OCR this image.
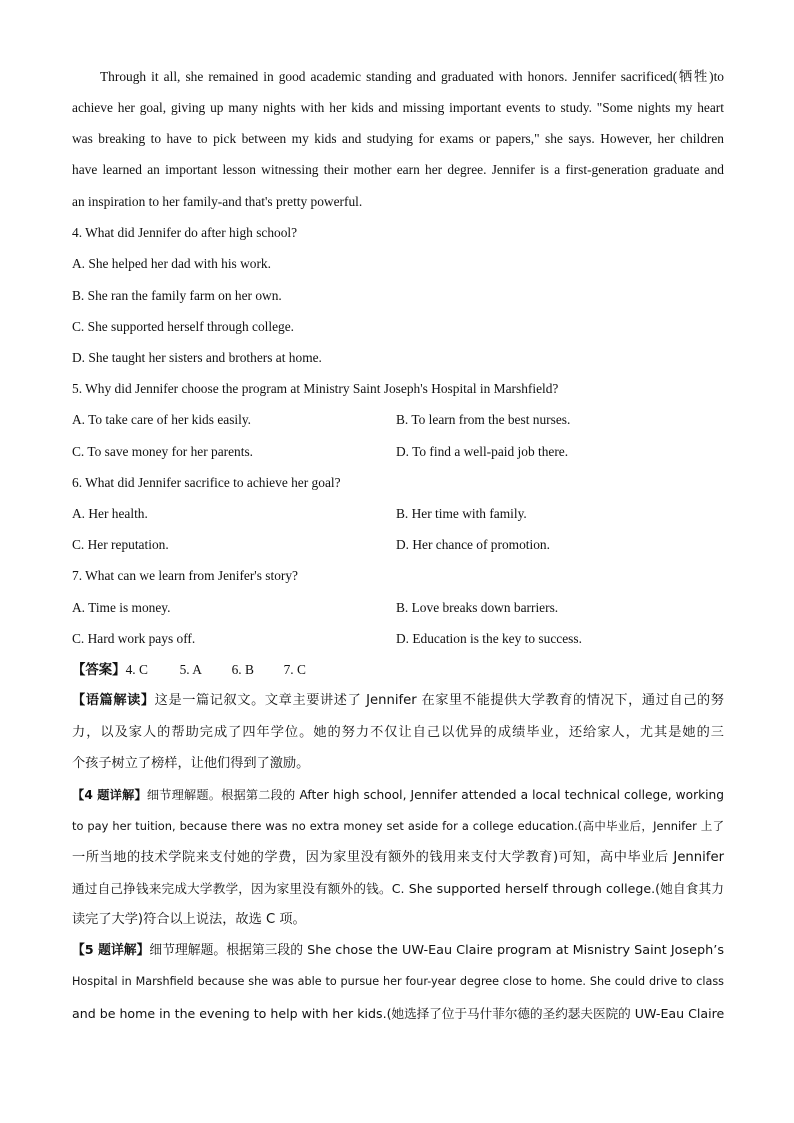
Through it all, she remained in good academic standing and graduated with honors. Jennifer sacrificed(牺牲)to
achieve her goal, giving up many nights with her kids and missing important events to study. "Some nights my heart
was breaking to have to pick between my kids and studying for exams or papers," she says. However, her children
have learned an important lesson witnessing their mother earn her degree. Jennifer is a first-generation graduate and
an inspiration to her family-and that's pretty powerful.
4. What did Jennifer do after high school?
A. She helped her dad with his work.
B. She ran the family farm on her own.
C. She supported herself through college.
D. She taught her sisters and brothers at home.
5. Why did Jennifer choose the program at Ministry Saint Joseph's Hospital in Marshfield?
A. To take care of her kids easily.	B. To learn from the best nurses.
C. To save money for her parents.	D. To find a well-paid job there.
6. What did Jennifer sacrifice to achieve her goal?
A. Her health.	B. Her time with family.
C. Her reputation.	D. Her chance of promotion.
7. What can we learn from Jenifer's story?
A. Time is money.	B. Love breaks down barriers.
C. Hard work pays off.	D. Education is the key to success.
【答案】4. C 5. A 6. B 7. C
【语篇解读】这是一篇记叙文。文章主要讲述了 Jennifer 在家里不能提供大学教育的情况下，通过自己的努
力，以及家人的帮助完成了四年学位。她的努力不仅让自己以优异的成绩毕业，还给家人，尤其是她的三
个孩子树立了榜样，让他们得到了激励。
【4 题详解】细节理解题。根据第二段的 After high school, Jennifer attended a local technical college, working
to pay her tuition, because there was no extra money set aside for a college education.(高中毕业后，Jennifer 上了
一所当地的技术学院来支付她的学费，因为家里没有额外的钱用来支付大学教育)可知，高中毕业后 Jennifer
通过自己挣钱来完成大学教学，因为家里没有额外的钱。C. She supported herself through college.(她自食其力
读完了大学)符合以上说法，故选 C 项。
【5 题详解】细节理解题。根据第三段的 She chose the UW-Eau Claire program at Misnistry Saint Joseph’s
Hospital in Marshfield because she was able to pursue her four-year degree close to home. She could drive to class
and be home in the evening to help with her kids.(她选择了位于马什菲尔德的圣约瑟夫医院的 UW-Eau Claire
